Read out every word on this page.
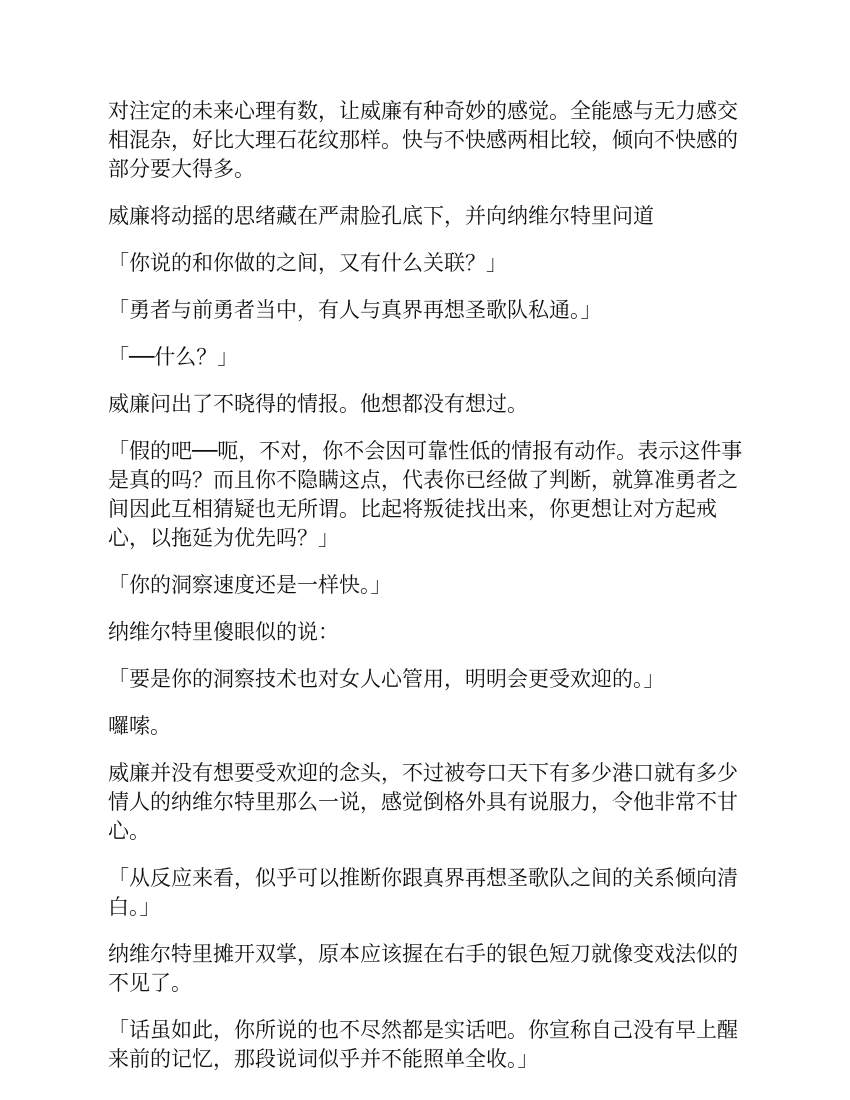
对注定的未来心理有数，让威廉有种奇妙的感觉。全能感与无力感交相混杂，好比大理石花纹那样。快与不快感两相比较，倾向不快感的部分要大得多。

威廉将动摇的思绪藏在严肃脸孔底下，并向纳维尔特里问道

「你说的和你做的之间，又有什么关联？」

「勇者与前勇者当中，有人与真界再想圣歌队私通。」

「──什么？」

威廉问出了不晓得的情报。他想都没有想过。

「假的吧──呃，不对，你不会因可靠性低的情报有动作。表示这件事是真的吗？而且你不隐瞒这点，代表你已经做了判断，就算准勇者之间因此互相猜疑也无所谓。比起将叛徒找出来，你更想让对方起戒心，以拖延为优先吗？」

「你的洞察速度还是一样快。」

纳维尔特里傻眼似的说：

「要是你的洞察技术也对女人心管用，明明会更受欢迎的。」

囉嗦。

威廉并没有想要受欢迎的念头，不过被夸口天下有多少港口就有多少情人的纳维尔特里那么一说，感觉倒格外具有说服力，令他非常不甘心。

「从反应来看，似乎可以推断你跟真界再想圣歌队之间的关系倾向清白。」

纳维尔特里摊开双掌，原本应该握在右手的银色短刀就像变戏法似的不见了。

「话虽如此，你所说的也不尽然都是实话吧。你宣称自己没有早上醒来前的记忆，那段说词似乎并不能照单全收。」
